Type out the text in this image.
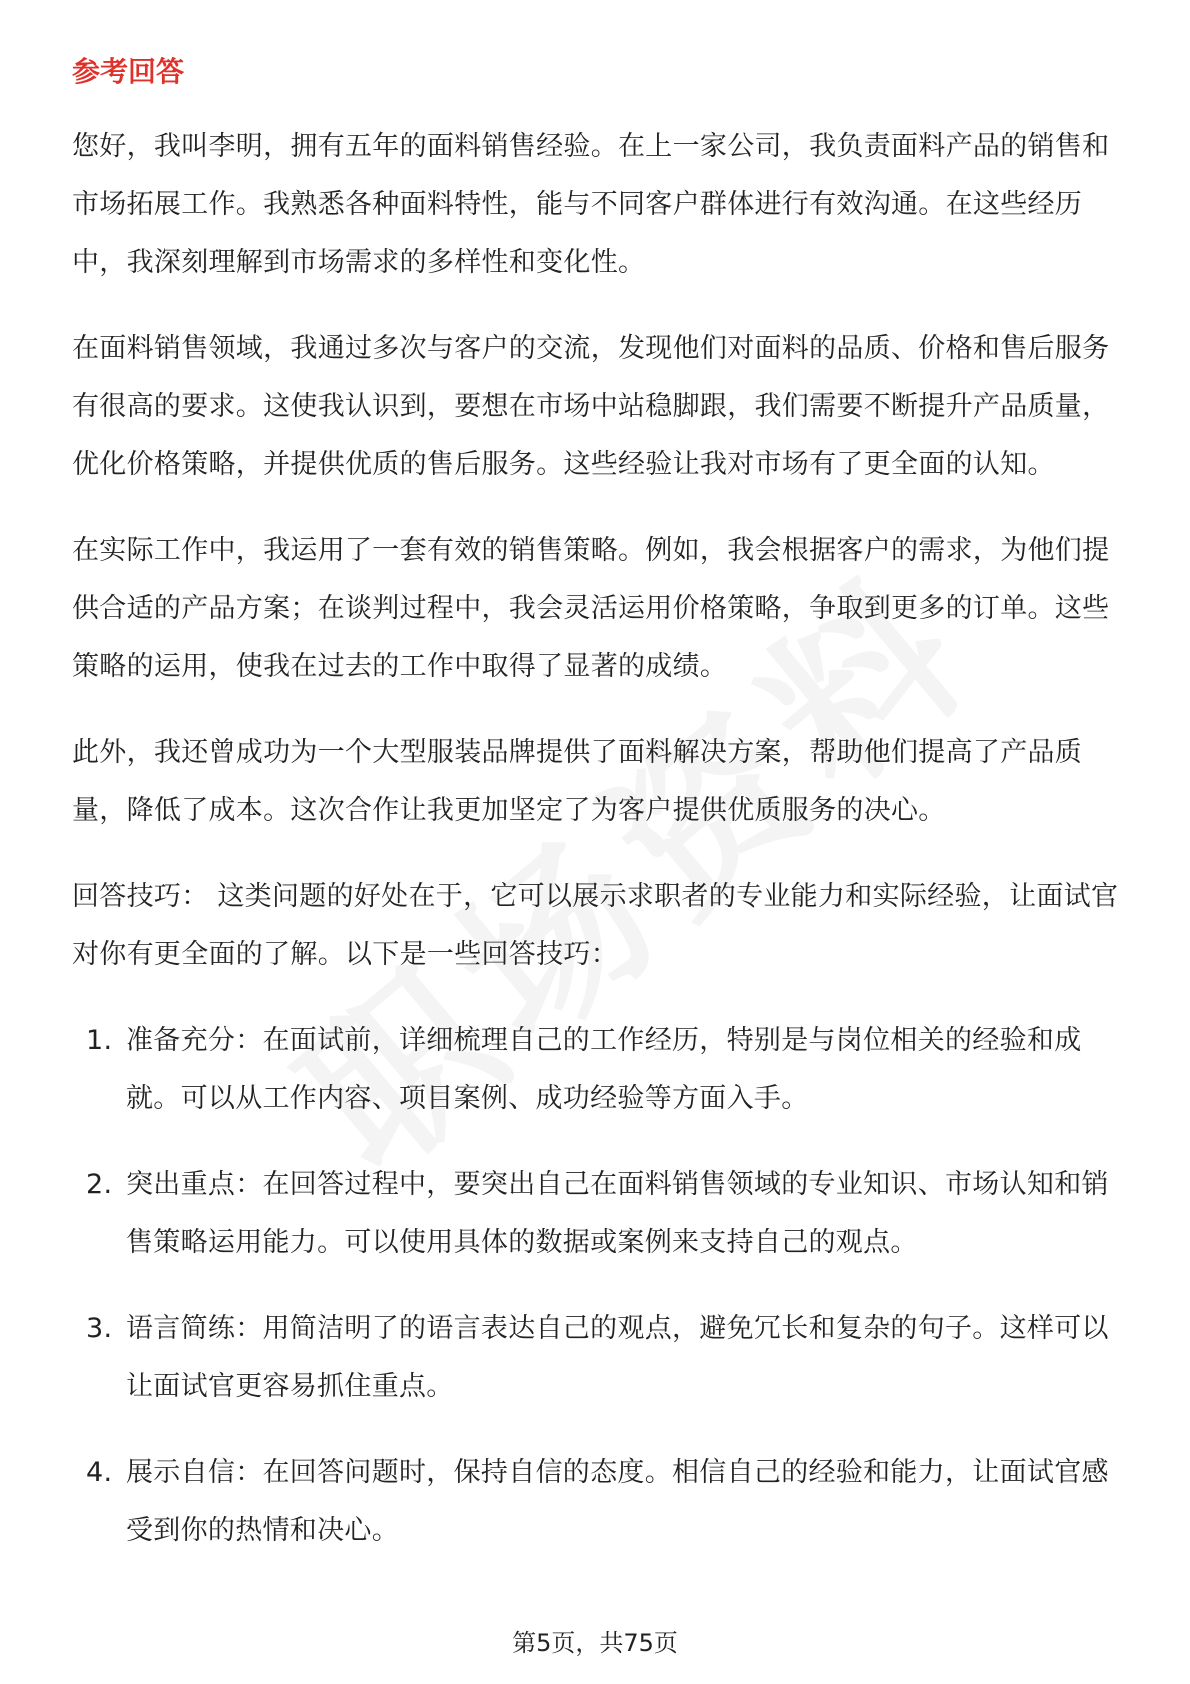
参考回答

您好，我叫李明，拥有五年的面料销售经验。在上一家公司，我负责面料产品的销售和市场拓展工作。我熟悉各种面料特性，能与不同客户群体进行有效沟通。在这些经历中，我深刻理解到市场需求的多样性和变化性。

在面料销售领域，我通过多次与客户的交流，发现他们对面料的品质、价格和售后服务有很高的要求。这使我认识到，要想在市场中站稳脚跟，我们需要不断提升产品质量，优化价格策略，并提供优质的售后服务。这些经验让我对市场有了更全面的认知。

在实际工作中，我运用了一套有效的销售策略。例如，我会根据客户的需求，为他们提供合适的产品方案；在谈判过程中，我会灵活运用价格策略，争取到更多的订单。这些策略的运用，使我在过去的工作中取得了显著的成绩。

此外，我还曾成功为一个大型服装品牌提供了面料解决方案，帮助他们提高了产品质量，降低了成本。这次合作让我更加坚定了为客户提供优质服务的决心。

回答技巧： 这类问题的好处在于，它可以展示求职者的专业能力和实际经验，让面试官对你有更全面的了解。以下是一些回答技巧：

1. 准备充分：在面试前，详细梳理自己的工作经历，特别是与岗位相关的经验和成就。可以从工作内容、项目案例、成功经验等方面入手。
2. 突出重点：在回答过程中，要突出自己在面料销售领域的专业知识、市场认知和销售策略运用能力。可以使用具体的数据或案例来支持自己的观点。
3. 语言简练：用简洁明了的语言表达自己的观点，避免冗长和复杂的句子。这样可以让面试官更容易抓住重点。
4. 展示自信：在回答问题时，保持自信的态度。相信自己的经验和能力，让面试官感受到你的热情和决心。
第5页，共75页
